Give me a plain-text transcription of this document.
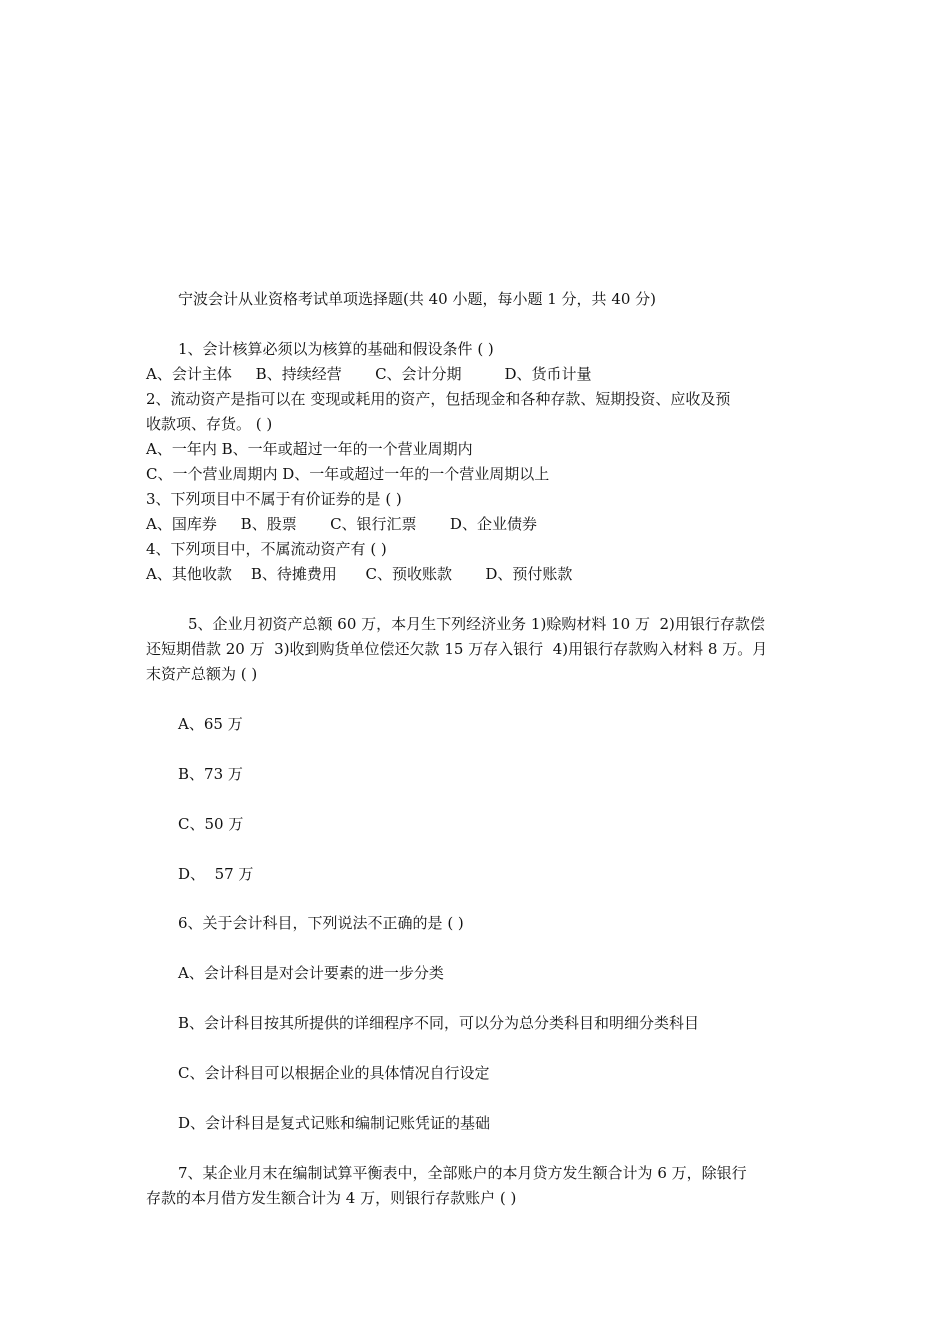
宁波会计从业资格考试单项选择题(共 40 小题，每小题 1 分，共 40 分)
1、会计核算必须以为核算的基础和假设条件 ( )
A、会计主体     B、持续经营       C、会计分期         D、货币计量
2、流动资产是指可以在 变现或耗用的资产，包括现金和各种存款、短期投资、应收及预
收款项、存货。 ( )
A、一年内 B、一年或超过一年的一个营业周期内
C、一个营业周期内 D、一年或超过一年的一个营业周期以上
3、下列项目中不属于有价证券的是 ( )
A、国库券     B、股票       C、银行汇票       D、企业债券
4、下列项目中，不属流动资产有 ( )
A、其他收款    B、待摊费用      C、预收账款       D、预付账款
5、企业月初资产总额 60 万，本月生下列经济业务 1)赊购材料 10 万  2)用银行存款偿
还短期借款 20 万  3)收到购货单位偿还欠款 15 万存入银行  4)用银行存款购入材料 8 万。月
末资产总额为 ( )
A、65 万
B、73 万
C、50 万
D、  57 万
6、关于会计科目，下列说法不正确的是 ( )
A、会计科目是对会计要素的进一步分类
B、会计科目按其所提供的详细程序不同，可以分为总分类科目和明细分类科目
C、会计科目可以根据企业的具体情况自行设定
D、会计科目是复式记账和编制记账凭证的基础
7、某企业月末在编制试算平衡表中，全部账户的本月贷方发生额合计为 6 万，除银行
存款的本月借方发生额合计为 4 万，则银行存款账户 ( )
